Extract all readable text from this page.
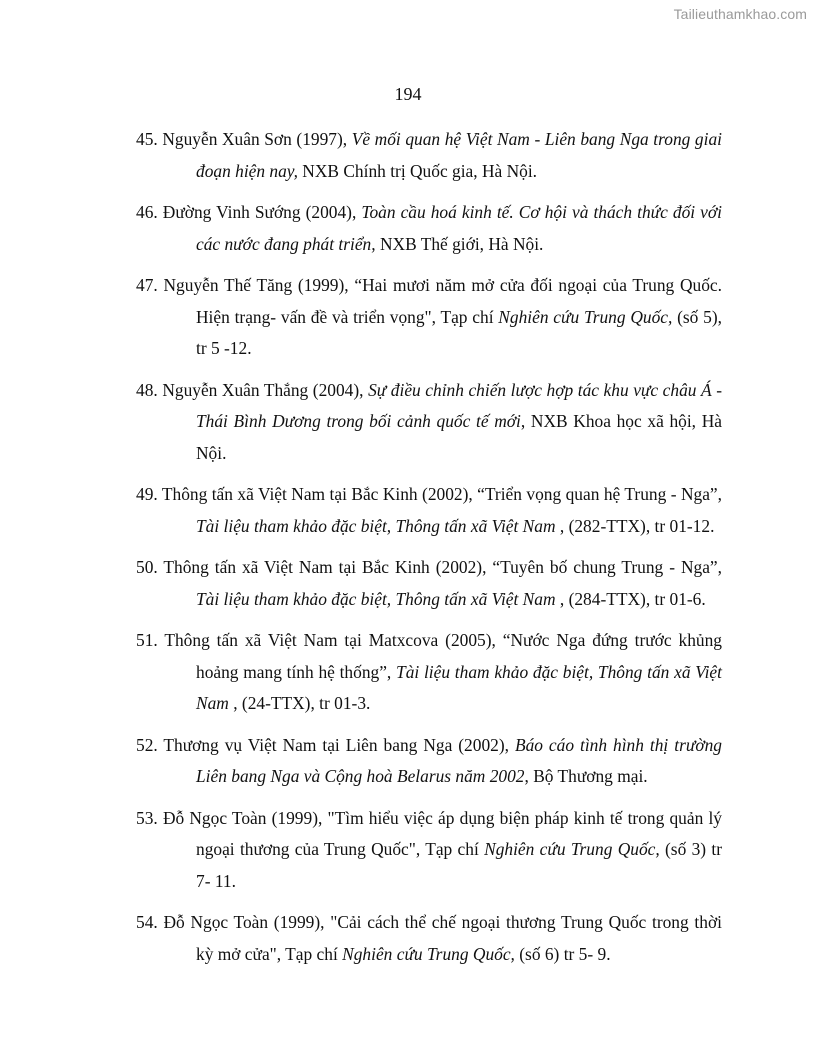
Tailieuthamkhao.com
194
45. Nguyễn Xuân Sơn (1997), Về mối quan hệ Việt Nam - Liên bang Nga trong giai đoạn hiện nay, NXB Chính trị Quốc gia, Hà Nội.
46. Đường Vinh Sướng (2004), Toàn cầu hoá kinh tế. Cơ hội và thách thức đối với các nước đang phát triển, NXB Thế giới, Hà Nội.
47. Nguyễn Thế Tăng (1999), “Hai mươi năm mở cửa đối ngoại của Trung Quốc. Hiện trạng- vấn đề và triển vọng", Tạp chí Nghiên cứu Trung Quốc, (số 5), tr 5 -12.
48. Nguyễn Xuân Thắng (2004), Sự điều chỉnh chiến lược hợp tác khu vực châu Á - Thái Bình Dương trong bối cảnh quốc tế mới, NXB Khoa học xã hội, Hà Nội.
49. Thông tấn xã Việt Nam tại Bắc Kinh (2002), “Triển vọng quan hệ Trung - Nga”, Tài liệu tham khảo đặc biệt, Thông tấn xã Việt Nam , (282-TTX), tr 01-12.
50. Thông tấn xã Việt Nam tại Bắc Kinh (2002), “Tuyên bố chung Trung - Nga”, Tài liệu tham khảo đặc biệt, Thông tấn xã Việt Nam , (284-TTX), tr 01-6.
51. Thông tấn xã Việt Nam tại Matxcova (2005), “Nước Nga đứng trước khủng hoảng mang tính hệ thống”, Tài liệu tham khảo đặc biệt, Thông tấn xã Việt Nam , (24-TTX), tr 01-3.
52. Thương vụ Việt Nam tại Liên bang Nga (2002), Báo cáo tình hình thị trường Liên bang Nga và Cộng hoà Belarus năm 2002, Bộ Thương mại.
53. Đỗ Ngọc Toàn (1999), "Tìm hiểu việc áp dụng biện pháp kinh tế trong quản lý ngoại thương của Trung Quốc", Tạp chí Nghiên cứu Trung Quốc, (số 3) tr 7- 11.
54. Đỗ Ngọc Toàn (1999), "Cải cách thể chế ngoại thương Trung Quốc trong thời kỳ mở cửa", Tạp chí Nghiên cứu Trung Quốc, (số 6) tr 5- 9.
